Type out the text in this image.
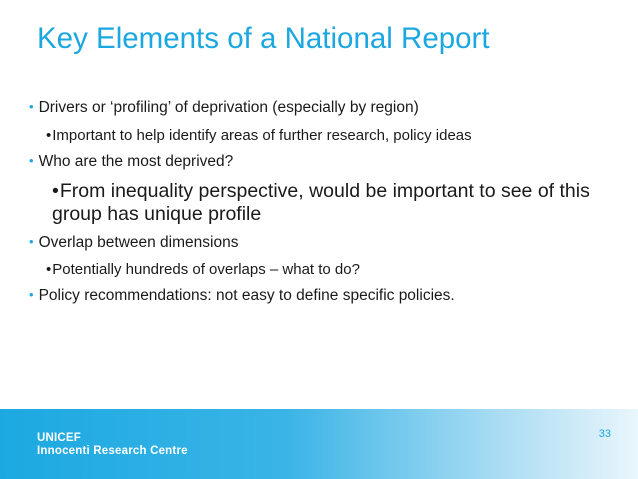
Key Elements of a National Report
• Drivers or ‘profiling’ of deprivation (especially by region)
•Important to help identify areas of further research, policy ideas
• Who are the most deprived?
•From inequality perspective, would be important to see of this group has unique profile
• Overlap between dimensions
•Potentially hundreds of overlaps – what to do?
• Policy recommendations: not easy to define specific policies.
UNICEF
Innocenti Research Centre
33
